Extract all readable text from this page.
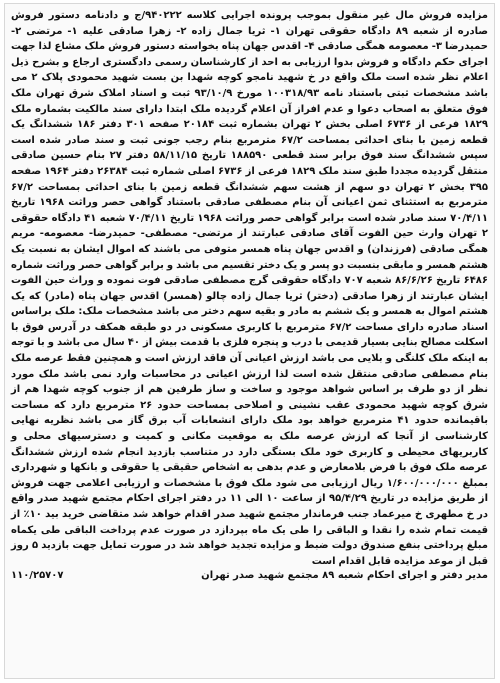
مزایده فروش مال غیر منقول بموجب پرونده اجرایی کلاسه ۹۴۰۲۲۲/ج و دادنامه دستور فروش صادره از شعبه ۸۹ دادگاه حقوقی تهران ۱- ثریا جمال زاده ۲- زهرا صادقی علیه ۱- مرتضی ۲- حمیدرضا ۳- معصومه همگی صادقی ۴- اقدس جهان پناه بخواسته دستور فروش ملک مشاع لذا جهت اجرای حکم دادگاه و فروش بدوا ارزیابی به احد از کارشناسان رسمی دادگستری ارجاع و بشرح ذیل اعلام نظر شده است ملک واقع در خ شهید نامجو کوچه شهدا بن بست شهید محمودی پلاک ۲ می باشد مشخصات ثبتی باستناد نامه ۱۰۰۳۱۸/۹۳ مورخ ۹۳/۱۰/۹ ثبت و اسناد املاک شرق تهران ملک فوق متعلق به اصحاب دعوا و عدم افراز آن اعلام گردیده ملک ابتدا دارای سند مالکیت بشماره ملک ۱۸۲۹ فرعی از ۶۷۳۶ اصلی بخش ۲ تهران بشماره ثبت ۲۰۱۸۴ صفحه ۳۰۱ دفتر ۱۸۶ ششدانگ یک قطعه زمین با بنای احداثی بمساحت ۶۷/۲ مترمربع بنام رجب جونی ثبت و سند صادر شده است سپس ششدانگ سند فوق برابر سند قطعی ۱۸۸۵۹۰ تاریخ ۵۸/۱۱/۱۵ دفتر ۲۷ بنام حسین صادقی منتقل گردیده مجددا طبق سند ملک ۱۸۲۹ فرعی از ۶۷۳۶ اصلی شماره ثبت ۲۶۳۸۴ دفتر ۱۹۶۴ صفحه ۳۹۵ بخش ۲ تهران دو سهم از هشت سهم ششدانگ قطعه زمین با بنای احداثی بمساحت ۶۷/۲ مترمربع به استثنای ثمن اعیانی آن بنام مصطفی صادقی باستناد گواهی حصر وراثت ۱۹۶۸ تاریخ ۷۰/۴/۱۱ سند صادر شده است برابر گواهی حصر وراثت ۱۹۶۸ تاریخ ۷۰/۴/۱۱ شعبه ۴۱ دادگاه حقوقی ۲ تهران وارث حین الفوت آقای صادقی عبارتند از مرتضی- مصطفی- حمیدرضا- معصومه- مریم همگی صادقی (فرزندان) و اقدس جهان پناه همسر متوفی می باشند که اموال ایشان به نسبت یک هشتم همسر و مابقی بنسبت دو پسر و یک دختر تقسیم می باشد و برابر گواهی حصر وراثت شماره ۶۴۸۶ تاریخ ۸۶/۶/۲۶ شعبه ۷۰۷ دادگاه حقوقی گرج مصطفی صادقی فوت نموده و وراث حین الفوت ایشان عبارتند از زهرا صادقی (دختر) ثریا جمال زاده چالو (همسر) اقدس جهان پناه (مادر) که یک هشتم اموال به همسر و یک ششم به مادر و بقیه سهم دختر می باشد مشخصات ملک: ملک براساس اسناد صادره دارای مساحت ۶۷/۲ مترمربع با کاربری مسکونی در دو طبقه همکف در آدرس فوق با اسکلت مصالح بنایی بسیار قدیمی با درب و پنجره فلزی با قدمت بیش از ۴۰ سال می باشد و با توجه به اینکه ملک کلنگی و بلایی می باشد ارزش اعیانی آن فاقد ارزش است و همچنین فقط عرصه ملک بنام مصطفی صادقی منتقل شده است لذا ارزش اعیانی در محاسبات وارد نمی باشد ملک مورد نظر از دو طرف بر اساس شواهد موجود و ساخت و ساز طرفین هم از جنوب کوچه شهدا هم از شرق کوچه شهید محمودی عقب نشینی و اصلاحی بمساحت حدود ۲۶ مترمربع دارد که مساحت باقیمانده حدود ۴۱ مترمربع خواهد بود ملک دارای انشعابات آب برق گاز می باشد نظریه نهایی کارشناسی از آنجا که ارزش عرصه ملک به موقعیت مکانی و کمیت و دسترسیهای محلی و کاربریهای محیطی و کاربری خود ملک بستگی دارد در متناسب بازدید انجام شده ارزش ششدانگ عرصه ملک فوق با فرض بلامعارض و عدم بدهی به اشخاص حقیقی یا حقوقی و بانکها و شهرداری بمبلغ ۱/۶۰۰/۰۰۰/۰۰۰ ریال ارزیابی می شود ملک فوق با مشخصات و ارزیابی اعلامی جهت فروش از طریق مزایده در تاریخ ۹۵/۴/۲۹ از ساعت ۱۰ الی ۱۱ در دفتر اجرای احکام مجتمع شهید صدر واقع در خ مطهری خ میرعماد جنب فرماندار مجتمع شهید صدر اقدام خواهد شد متقاضی خرید بید ۱۰٪ از قیمت تمام شده را نقدا و الباقی را طی یک ماه بپردازد در صورت عدم پرداخت الباقی طی یکماه مبلغ پرداختی بنفع صندوق دولت ضبط و مزایده تجدید خواهد شد در صورت تمایل جهت بازدید ۵ روز قبل از موعد مزایده قابل اقدام است

مدیر دفتر و اجرای احکام شعبه ۸۹ مجتمع شهید صدر تهران
۱۱۰/۲۵۷۰۷
